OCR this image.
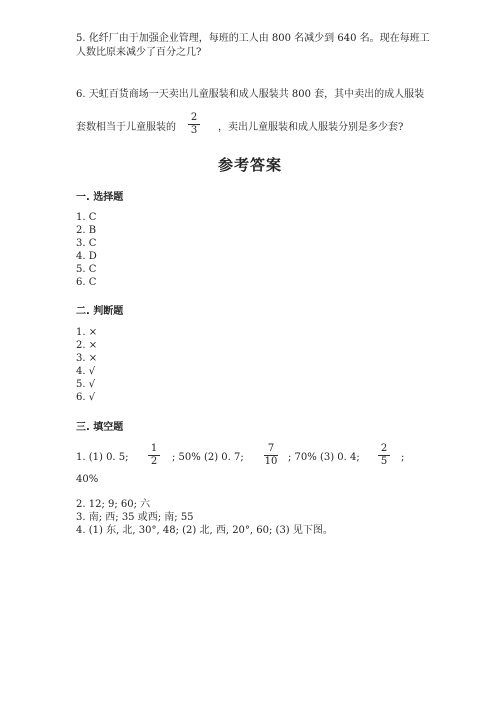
5. 化纤厂由于加强企业管理，每班的工人由 800 名减少到 640 名。现在每班工
人数比原来减少了百分之几?
6. 天虹百货商场一天卖出儿童服装和成人服装共 800 套，其中卖出的成人服装
套数相当于儿童服装的
2
3	，卖出儿童服装和成人服装分别是多少套?
参考答案
一. 选择题
1. C
2. B
3. C
4. D
5. C
6. C
二. 判断题
1. ×
2. ×
3. ×
4. √
5. √
6. √
三. 填空题
1. (1) 0. 5;
1
2	; 50% (2) 0. 7;
7
10 ; 70% (3) 0. 4;
2
5	;
40%
2. 12; 9; 60; 六
3. 南; 西; 35 或西; 南; 55
4. (1) 东, 北, 30°, 48; (2) 北, 西, 20°, 60; (3) 见下图。
